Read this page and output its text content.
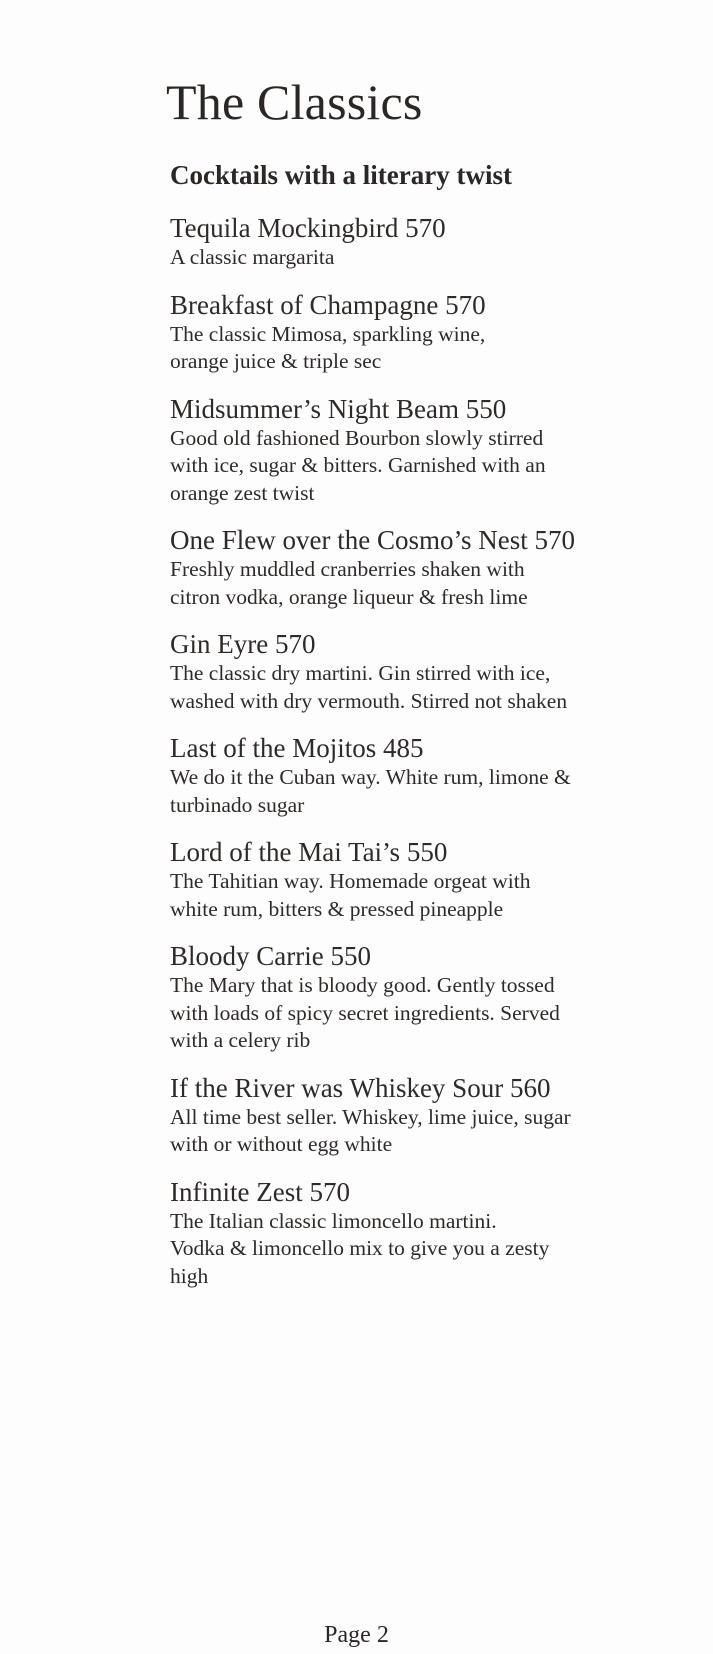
The Classics
Cocktails with a literary twist
Tequila Mockingbird 570
A classic margarita
Breakfast of Champagne 570
The classic Mimosa, sparkling wine,
orange juice & triple sec
Midsummer’s Night Beam 550
Good old fashioned Bourbon slowly stirred
with ice, sugar & bitters. Garnished with an
orange zest twist
One Flew over the Cosmo’s Nest 570
Freshly muddled cranberries shaken with
citron vodka, orange liqueur & fresh lime
Gin Eyre 570
The classic dry martini. Gin stirred with ice,
washed with dry vermouth. Stirred not shaken
Last of the Mojitos 485
We do it the Cuban way. White rum, limone &
turbinado sugar
Lord of the Mai Tai’s 550
The Tahitian way. Homemade orgeat with
white rum, bitters & pressed pineapple
Bloody Carrie 550
The Mary that is bloody good. Gently tossed
with loads of spicy secret ingredients. Served
with a celery rib
If the River was Whiskey Sour 560
All time best seller. Whiskey, lime juice, sugar
with or without egg white
Infinite Zest 570
The Italian classic limoncello martini.
Vodka & limoncello mix to give you a zesty
high
Page 2
